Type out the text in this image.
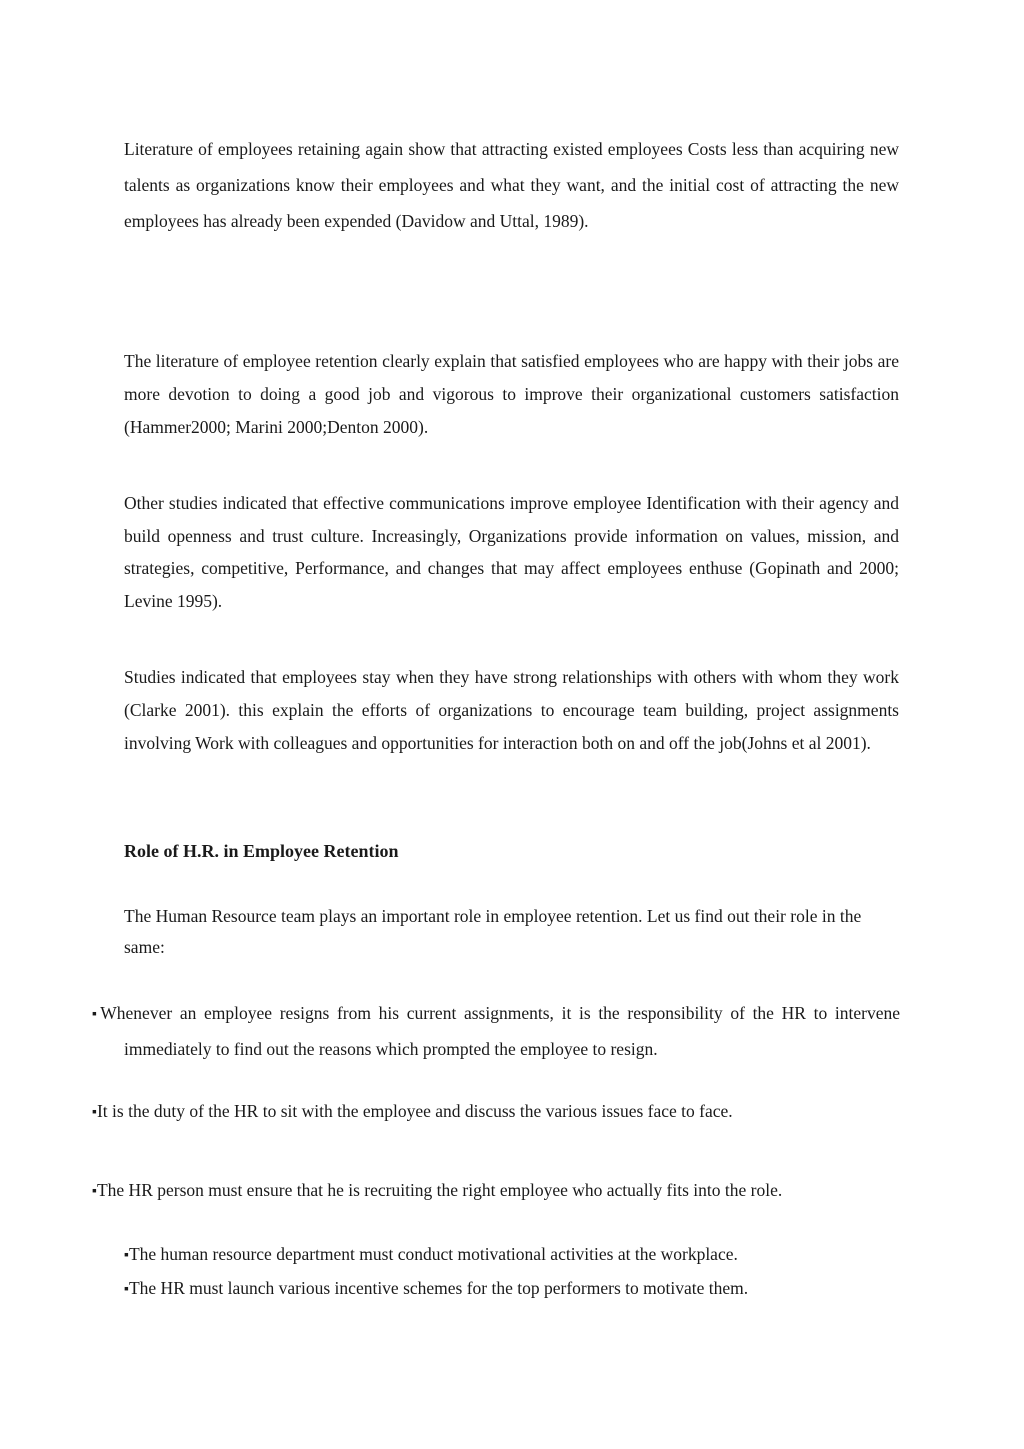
Literature of employees retaining again show that attracting existed employees Costs less than acquiring new talents as organizations know their employees and what they want, and the initial cost of attracting the new employees has already been expended (Davidow and Uttal, 1989).

The literature of employee retention clearly explain that satisfied employees who are happy with their jobs are more devotion to doing a good job and vigorous to improve their organizational customers satisfaction (Hammer2000; Marini 2000;Denton 2000).

Other studies indicated that effective communications improve employee Identification with their agency and build openness and trust culture. Increasingly, Organizations provide information on values, mission, and strategies, competitive, Performance, and changes that may affect employees enthuse (Gopinath and 2000; Levine 1995).

Studies indicated that employees stay when they have strong relationships with others with whom they work (Clarke 2001). this explain the efforts of organizations to encourage team building, project assignments involving Work with colleagues and opportunities for interaction both on and off the job(Johns et al 2001).

Role of H.R. in Employee Retention

The Human Resource team plays an important role in employee retention. Let us find out their role in the same:

▪Whenever an employee resigns from his current assignments, it is the responsibility of the HR to intervene immediately to find out the reasons which prompted the employee to resign.
▪It is the duty of the HR to sit with the employee and discuss the various issues face to face.
▪The HR person must ensure that he is recruiting the right employee who actually fits into the role.
▪The human resource department must conduct motivational activities at the workplace.
▪The HR must launch various incentive schemes for the top performers to motivate them.
